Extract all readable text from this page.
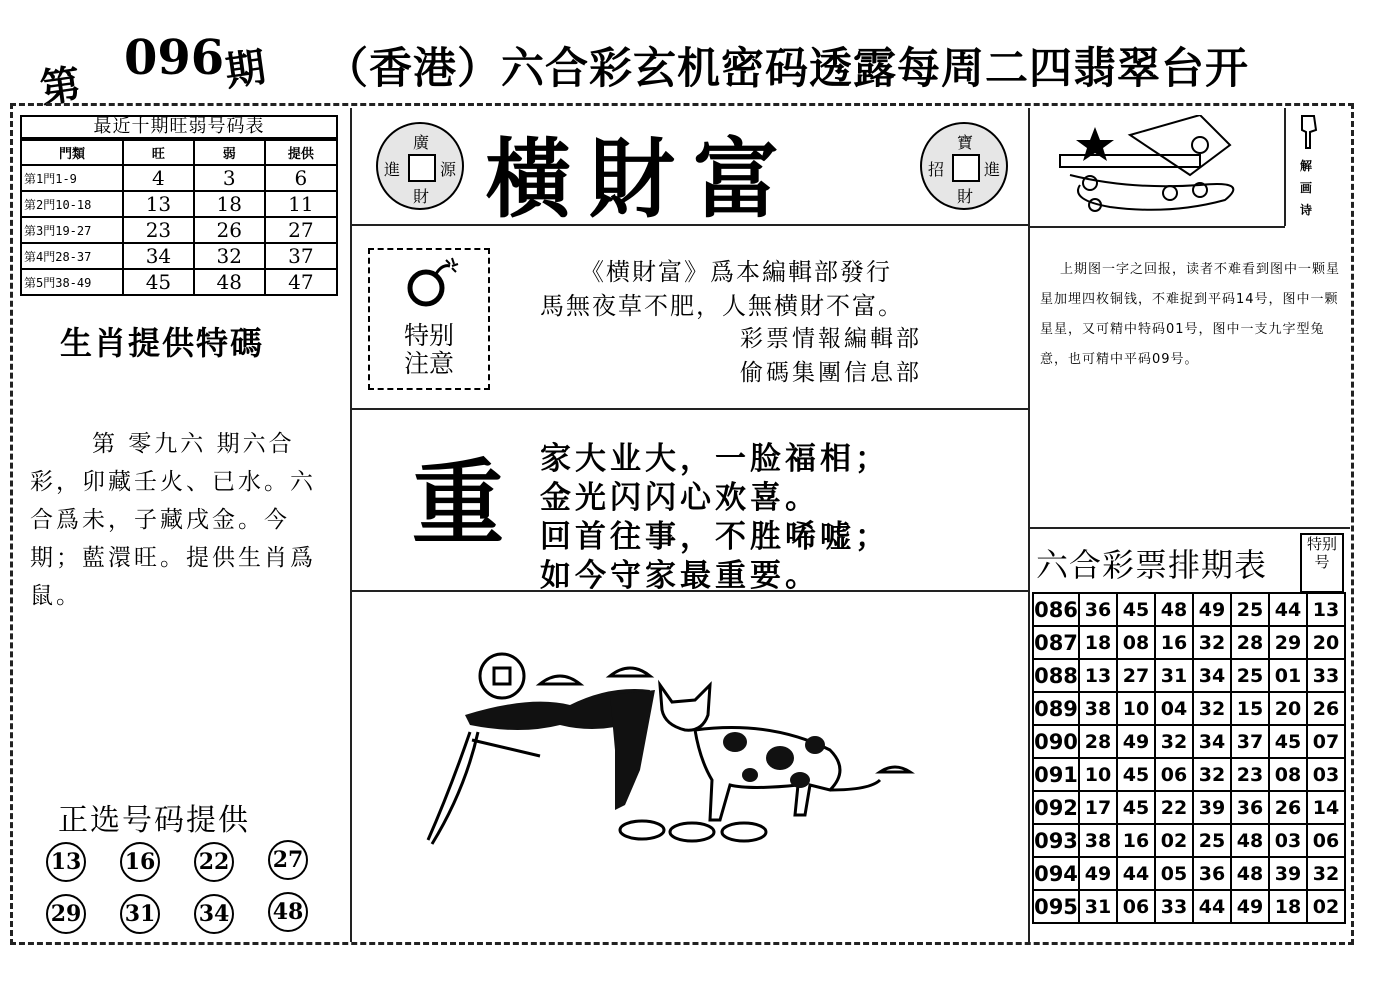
第
096
期 （香港）六合彩玄机密码透露每周二四翡翠台开
最近十期旺弱号码表
門類	旺	弱	提供
第1門1-9	4	3	6
第2門10-18	13	18	11
第3門19-27	23	26	27
第4門28-37	34	32	37
第5門38-49	45	48	47
生肖提供特碼
第 零九六 期六合彩，卯藏壬火、已水。六合爲未，子藏戌金。今期；藍澴旺。提供生肖爲鼠。
正选号码提供
13 16 22 27
29 31 34 48
廣
進 源
財 橫財富	寶
招 進
財
特别
注意
《横財富》爲本編輯部發行
馬無夜草不肥，人無横財不富。
彩票情報編輯部
偷碼集團信息部
重 家大业大，一脸福相；
金光闪闪心欢喜。
回首往事，不胜唏嘘；
如今守家最重要。
解画诗
上期图一字之回报，读者不难看到图中一颗星星加埋四枚铜钱，不难捉到平码14号，图中一颗星星，又可精中特码01号，图中一支九字型兔意，也可精中平码09号。
六合彩票排期表
特别
号
086	36	45	48	49	25	44	13
087	18	08	16	32	28	29	20
088	13	27	31	34	25	01	33
089	38	10	04	32	15	20	26
090	28	49	32	34	37	45	07
091	10	45	06	32	23	08	03
092	17	45	22	39	36	26	14
093	38	16	02	25	48	03	06
094	49	44	05	36	48	39	32
095	31	06	33	44	49	18	02
